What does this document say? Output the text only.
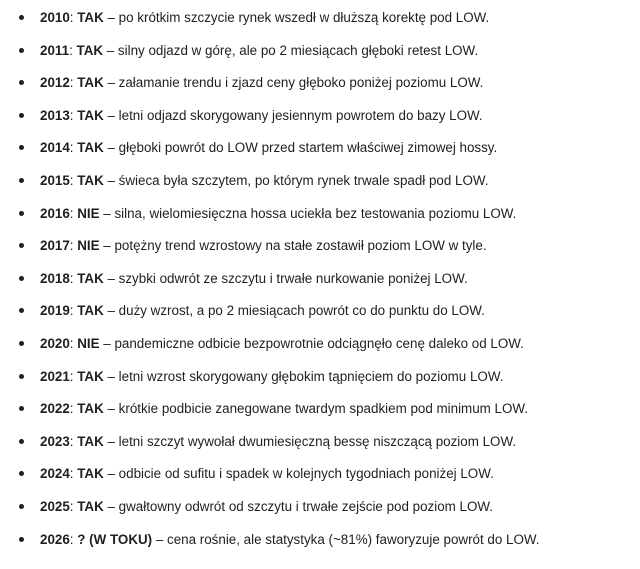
2010: TAK – po krótkim szczycie rynek wszedł w dłuższą korektę pod LOW.
2011: TAK – silny odjazd w górę, ale po 2 miesiącach głęboki retest LOW.
2012: TAK – załamanie trendu i zjazd ceny głęboko poniżej poziomu LOW.
2013: TAK – letni odjazd skorygowany jesiennym powrotem do bazy LOW.
2014: TAK – głęboki powrót do LOW przed startem właściwej zimowej hossy.
2015: TAK – świeca była szczytem, po którym rynek trwale spadł pod LOW.
2016: NIE – silna, wielomiesięczna hossa uciekła bez testowania poziomu LOW.
2017: NIE – potężny trend wzrostowy na stałe zostawił poziom LOW w tyle.
2018: TAK – szybki odwrót ze szczytu i trwałe nurkowanie poniżej LOW.
2019: TAK – duży wzrost, a po 2 miesiącach powrót co do punktu do LOW.
2020: NIE – pandemiczne odbicie bezpowrotnie odciągnęło cenę daleko od LOW.
2021: TAK – letni wzrost skorygowany głębokim tąpnięciem do poziomu LOW.
2022: TAK – krótkie podbicie zanegowane twardym spadkiem pod minimum LOW.
2023: TAK – letni szczyt wywołał dwumiesięczną bessę niszczącą poziom LOW.
2024: TAK – odbicie od sufitu i spadek w kolejnych tygodniach poniżej LOW.
2025: TAK – gwałtowny odwrót od szczytu i trwałe zejście pod poziom LOW.
2026: ? (W TOKU) – cena rośnie, ale statystyka (~81%) faworyzuje powrót do LOW.
